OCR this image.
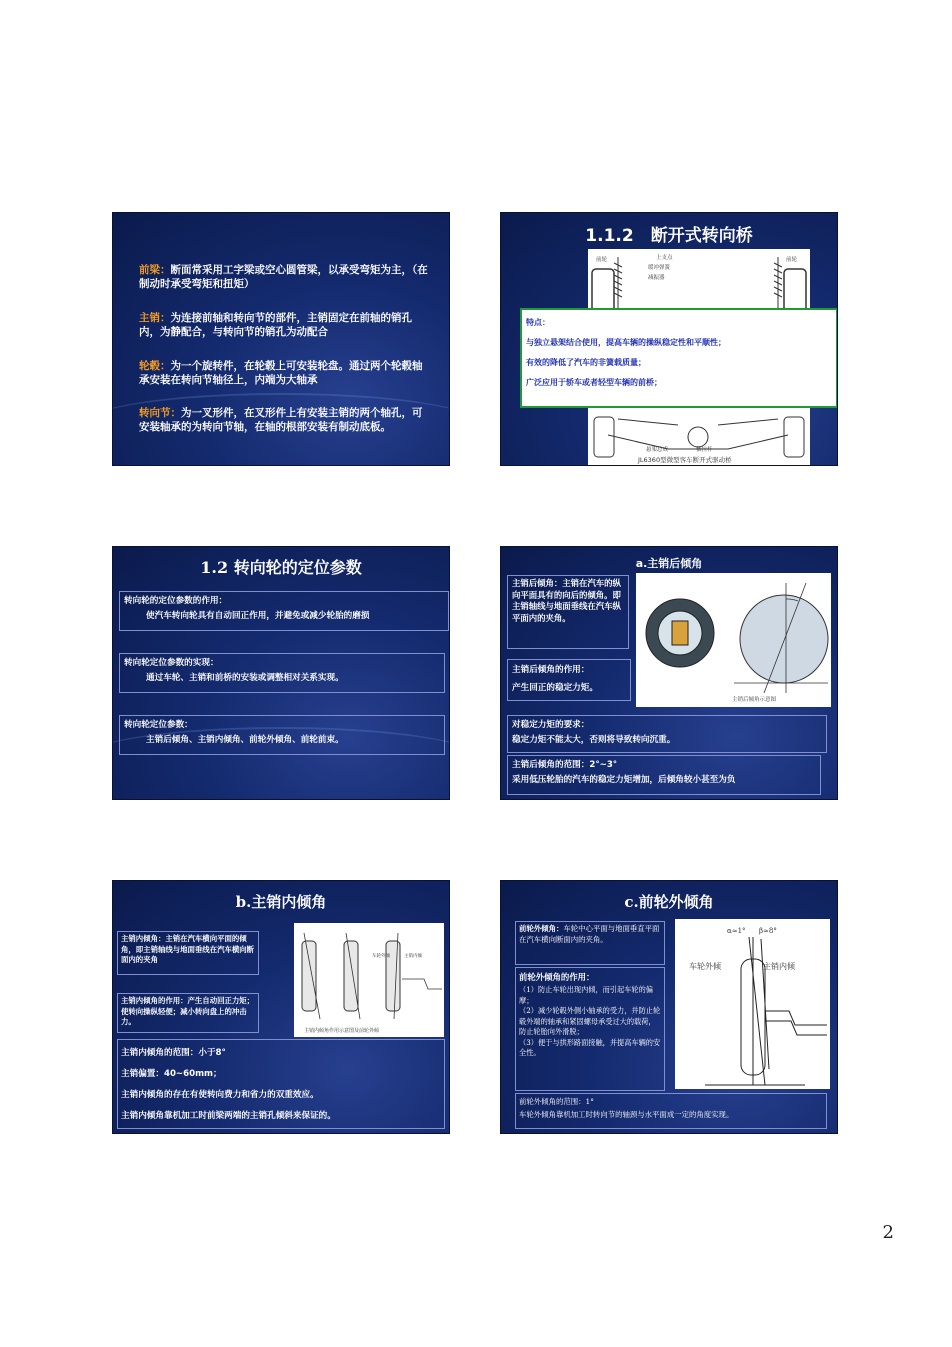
前梁：断面常采用工字梁或空心圆管梁，以承受弯矩为主，（在制动时承受弯矩和扭矩）
主销：为连接前轴和转向节的部件，主销固定在前轴的销孔内，为静配合，与转向节的销孔为动配合
轮毂：为一个旋转件，在轮毂上可安装轮盘。通过两个轮毂轴承安装在转向节轴径上，内端为大轴承
转向节：为一叉形件，在叉形件上有安装主销的两个轴孔，可安装轴承的为转向节轴，在轴的根部安装有制动底板。
1.1.2　断开式转向桥
前轮	前轮
上支点
缓冲弹簧
减振器
悬架总成	横拉杆
JL6360型微型客车断开式驱动桥
特点：
与独立悬架结合使用，提高车辆的操纵稳定性和平顺性；
有效的降低了汽车的非簧载质量；
广泛应用于轿车或者轻型车辆的前桥；
1.2 转向轮的定位参数
转向轮的定位参数的作用：
使汽车转向轮具有自动回正作用，并避免或减少轮胎的磨损
转向轮定位参数的实现：
通过车轮、主销和前桥的安装或调整相对关系实现。
转向轮定位参数：
主销后倾角、主销内倾角、前轮外倾角、前轮前束。
a.主销后倾角
主销后倾角：主销在汽车的纵向平面具有的向后的倾角。即主销轴线与地面垂线在汽车纵平面内的夹角。
主销后倾角的作用：
产生回正的稳定力矩。
主销后倾角示意图
对稳定力矩的要求：
稳定力矩不能太大，否则将导致转向沉重。
主销后倾角的范围：2°~3°
采用低压轮胎的汽车的稳定力矩增加，后倾角较小甚至为负
b.主销内倾角
主销内倾角：主销在汽车横向平面的倾角，即主销轴线与地面垂线在汽车横向断面内的夹角
主销内倾角的作用：产生自动回正力矩；使转向操纵轻便；减小转向盘上的冲击力。
车轮外倾	主销内倾
主销内倾角作用示意图及前轮外倾
主销内倾角的范围：小于8°
主销偏置：40~60mm；
主销内倾角的存在有使转向费力和省力的双重效应。
主销内倾角靠机加工时前梁两端的主销孔倾斜来保证的。
c.前轮外倾角
前轮外倾角：车轮中心平面与地面垂直平面在汽车横向断面内的夹角。
前轮外倾角的作用：
（1）防止车轮出现内倾，而引起车轮的偏摩；
（2）减少轮毂外侧小轴承的受力，并防止轮毂外端的轴承和紧固螺母承受过大的载荷，防止轮胎向外滑脱；
（3）便于与拱形路面接触，并提高车辆的安全性。
α≈1° β≈8°
车轮外倾	主销内倾
前轮外倾角的范围：1°
车轮外倾角靠机加工时转向节的轴颈与水平面成一定的角度实现。
2
